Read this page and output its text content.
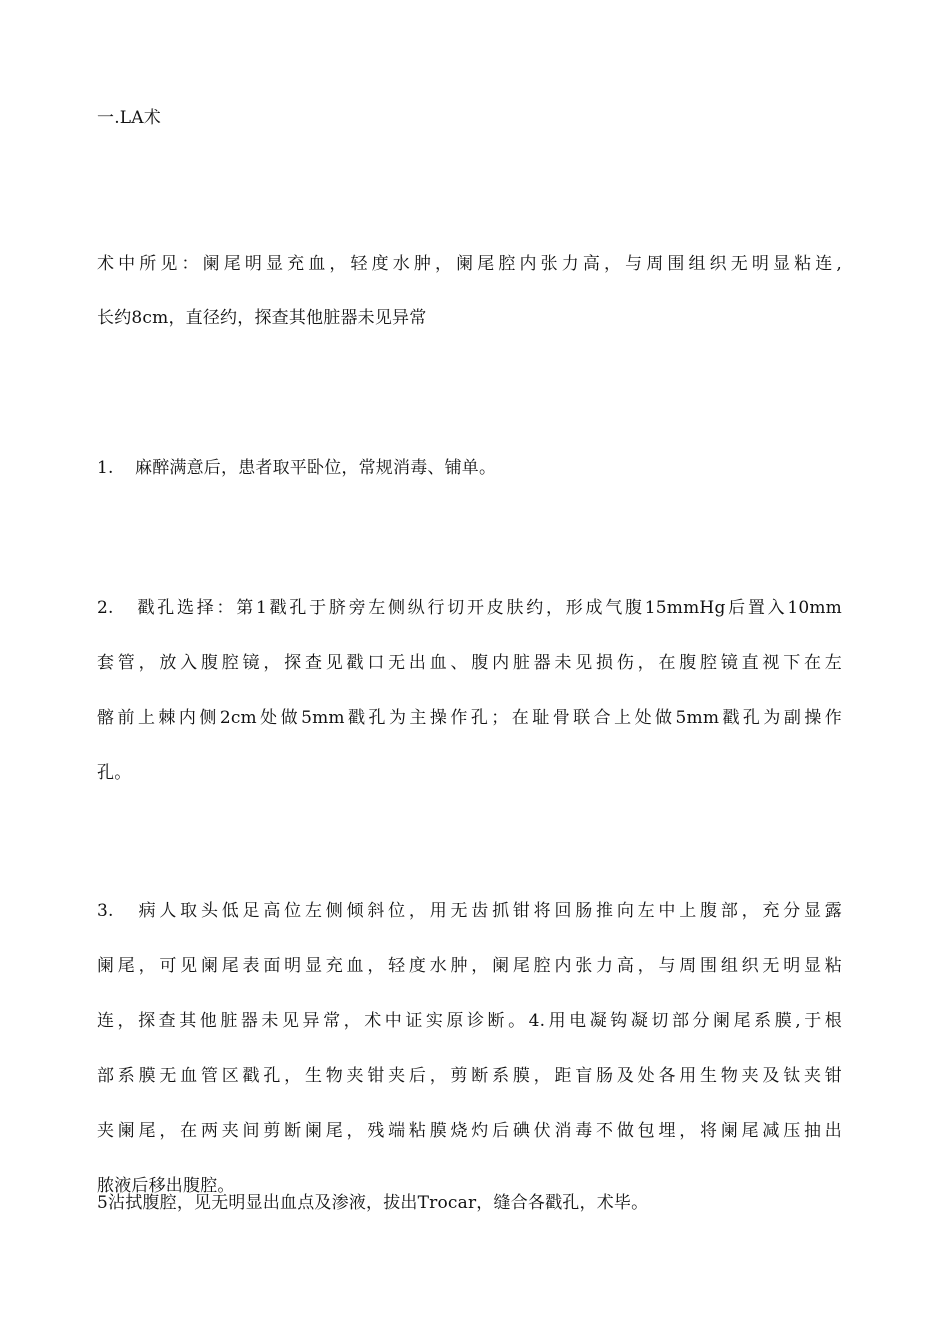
一.LA术
术中所见：阑尾明显充血，轻度水肿，阑尾腔内张力高，与周围组织无明显粘连,
长约8cm，直径约，探查其他脏器未见异常
1. 麻醉满意后，患者取平卧位，常规消毒、铺单。
2. 戳孔选择：第1戳孔于脐旁左侧纵行切开皮肤约，形成气腹15mmHg后置入10mm
套管，放入腹腔镜，探查见戳口无出血、腹内脏器未见损伤，在腹腔镜直视下在左
髂前上棘内侧2cm处做5mm戳孔为主操作孔；在耻骨联合上处做5mm戳孔为副操作
孔。
3. 病人取头低足高位左侧倾斜位，用无齿抓钳将回肠推向左中上腹部，充分显露
阑尾，可见阑尾表面明显充血，轻度水肿，阑尾腔内张力高，与周围组织无明显粘
连，探查其他脏器未见异常，术中证实原诊断。4.用电凝钩凝切部分阑尾系膜,于根
部系膜无血管区戳孔，生物夹钳夹后，剪断系膜，距盲肠及处各用生物夹及钛夹钳
夹阑尾，在两夹间剪断阑尾，残端粘膜烧灼后碘伏消毒不做包埋，将阑尾减压抽出
脓液后移出腹腔。
5沾拭腹腔，见无明显出血点及渗液，拔出Trocar，缝合各戳孔，术毕。
